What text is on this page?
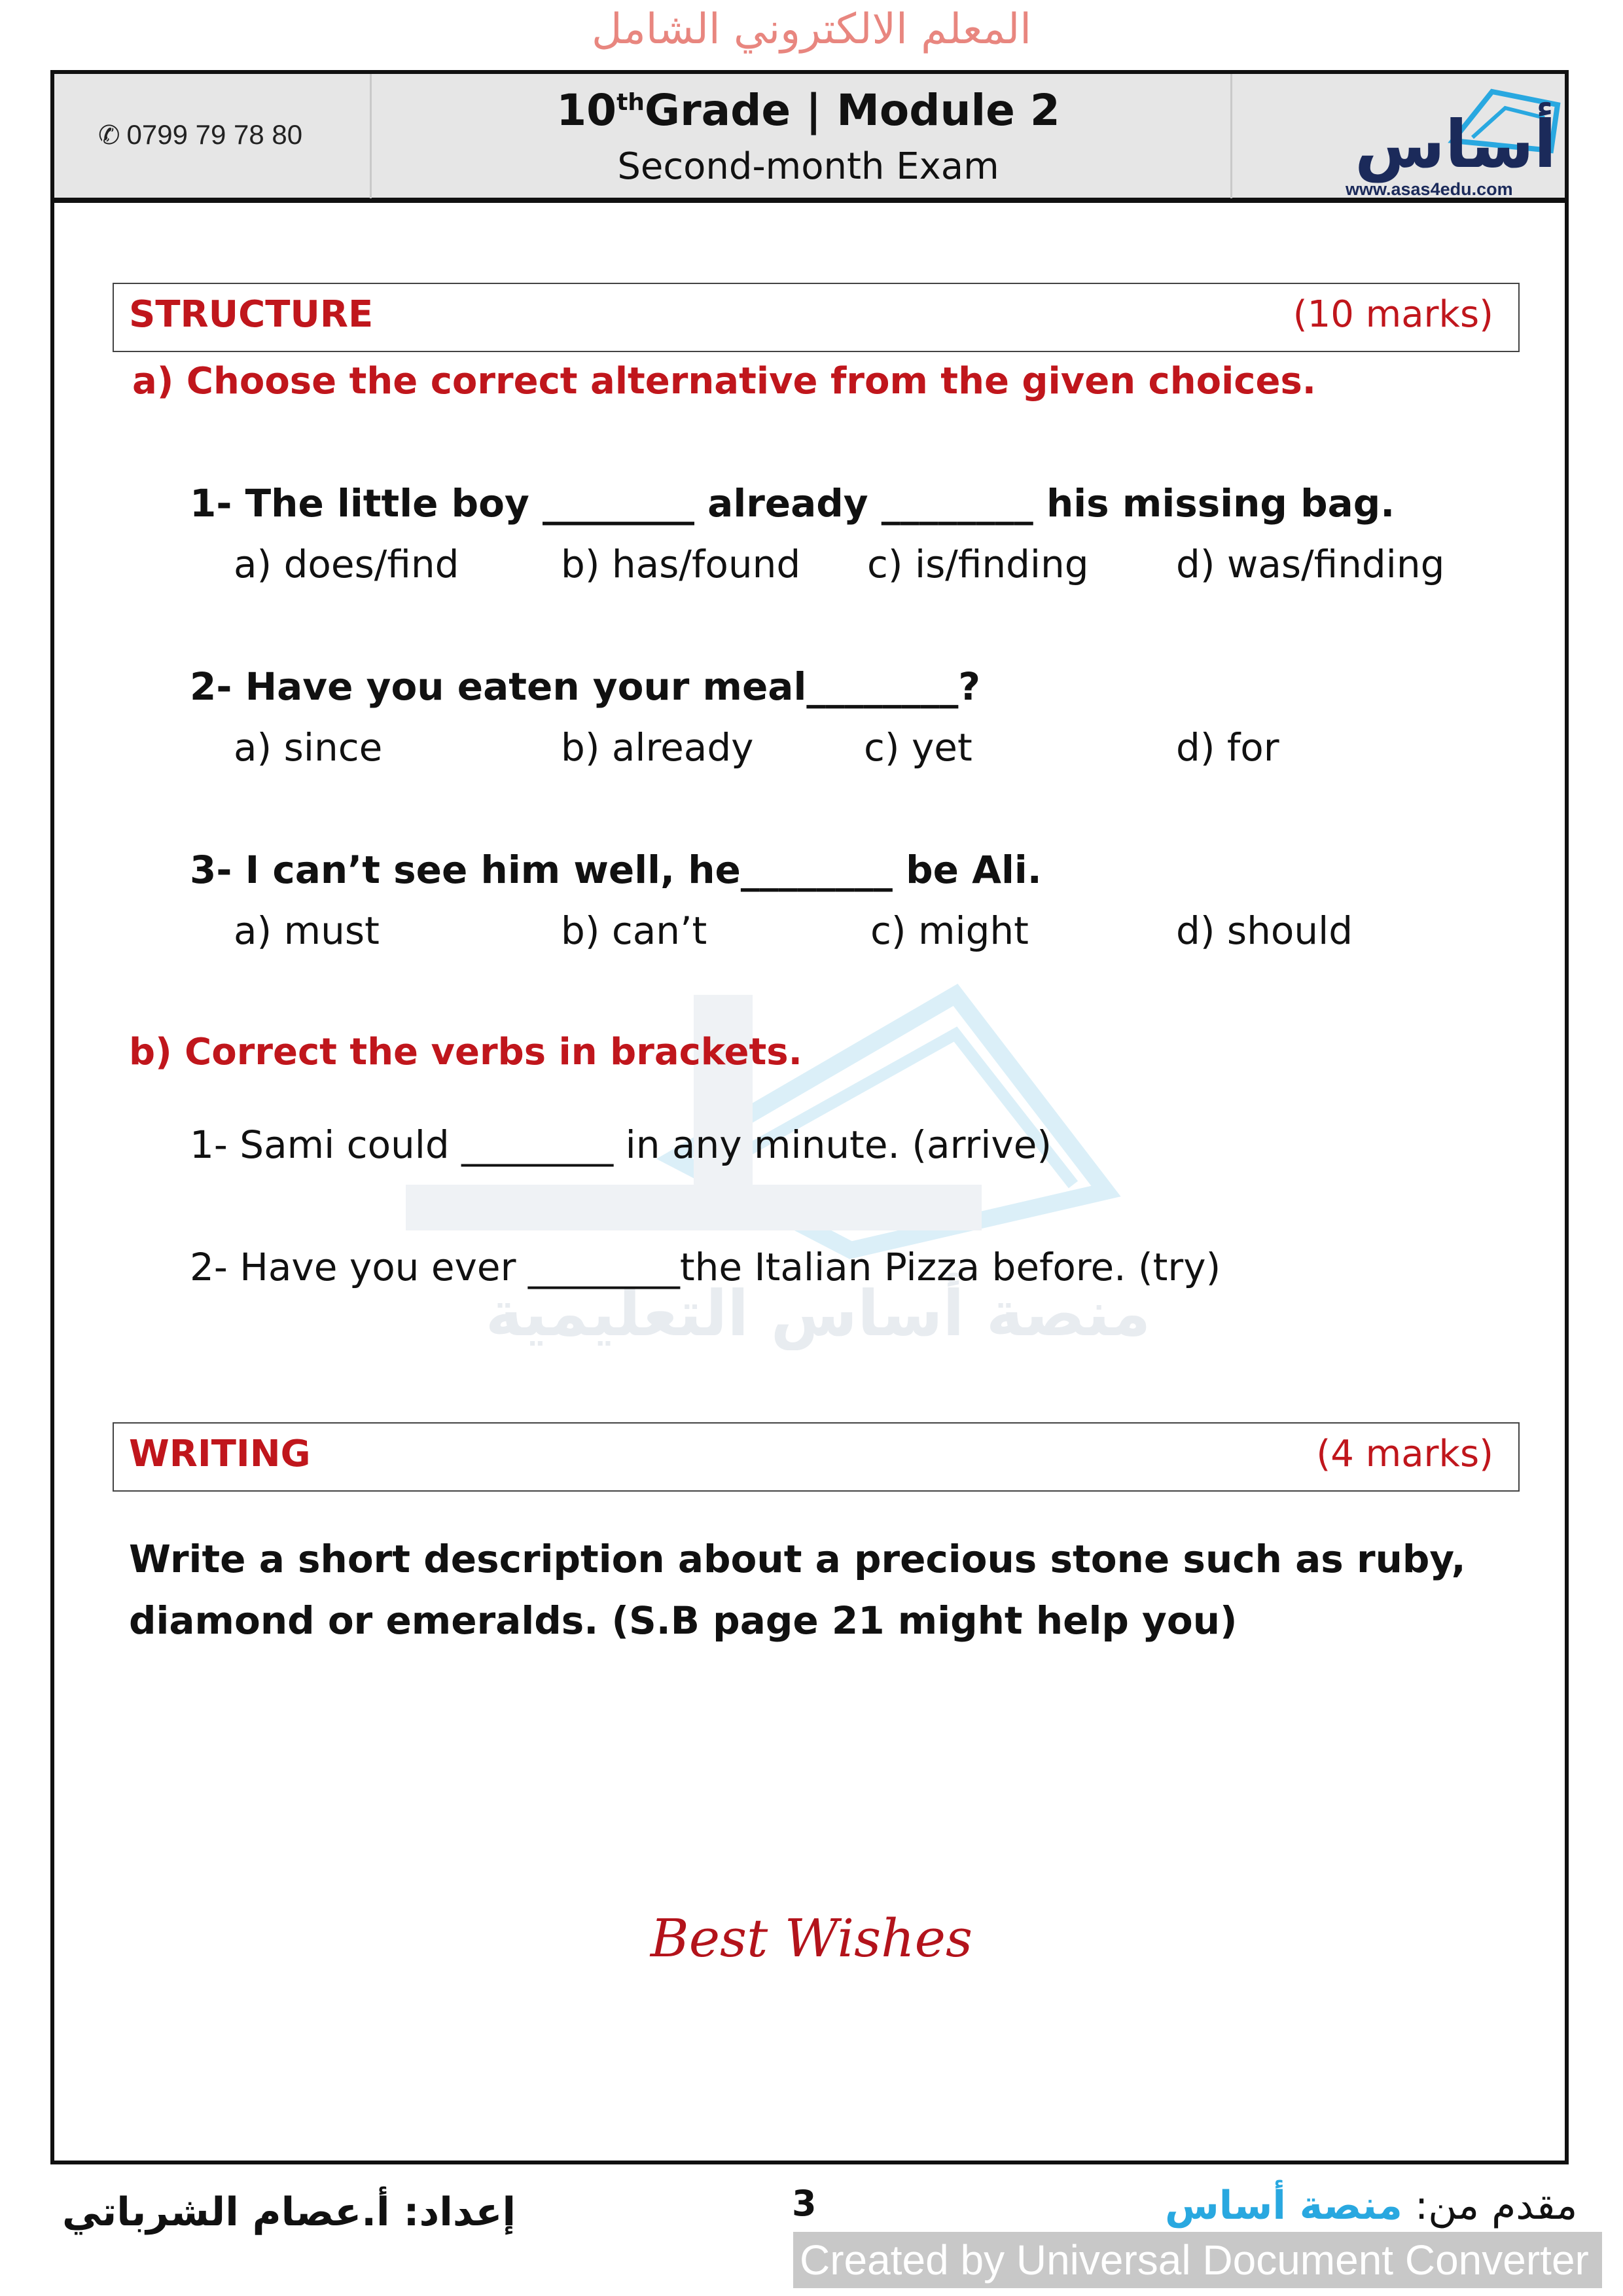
المعلم الالكتروني الشامل
✆ 0799 79 78 80	10thGrade | Module 2
Second-month Exam	أساس
www.asas4edu.com
منصة أساس التعليمية
STRUCTURE	(10 marks)
a) Choose the correct alternative from the given choices.
1- The little boy ________ already ________ his missing bag.
a) does/find	b) has/found c) is/finding d) was/finding
2- Have you eaten your meal________?
a) since	b) already	c) yet	d) for
3- I can’t see him well, he________ be Ali.
a) must	b) can’t	c) might	d) should
b) Correct the verbs in brackets.
1- Sami could ________ in any minute. (arrive)
2- Have you ever ________the Italian Pizza before. (try)
WRITING	(4 marks)
Write a short description about a precious stone such as ruby, diamond or emeralds. (S.B page 21 might help you)
Best Wishes
3
إعداد: أ.عصام الشرباتي	مقدم من: منصة أساس
Created by Universal Document Converter
